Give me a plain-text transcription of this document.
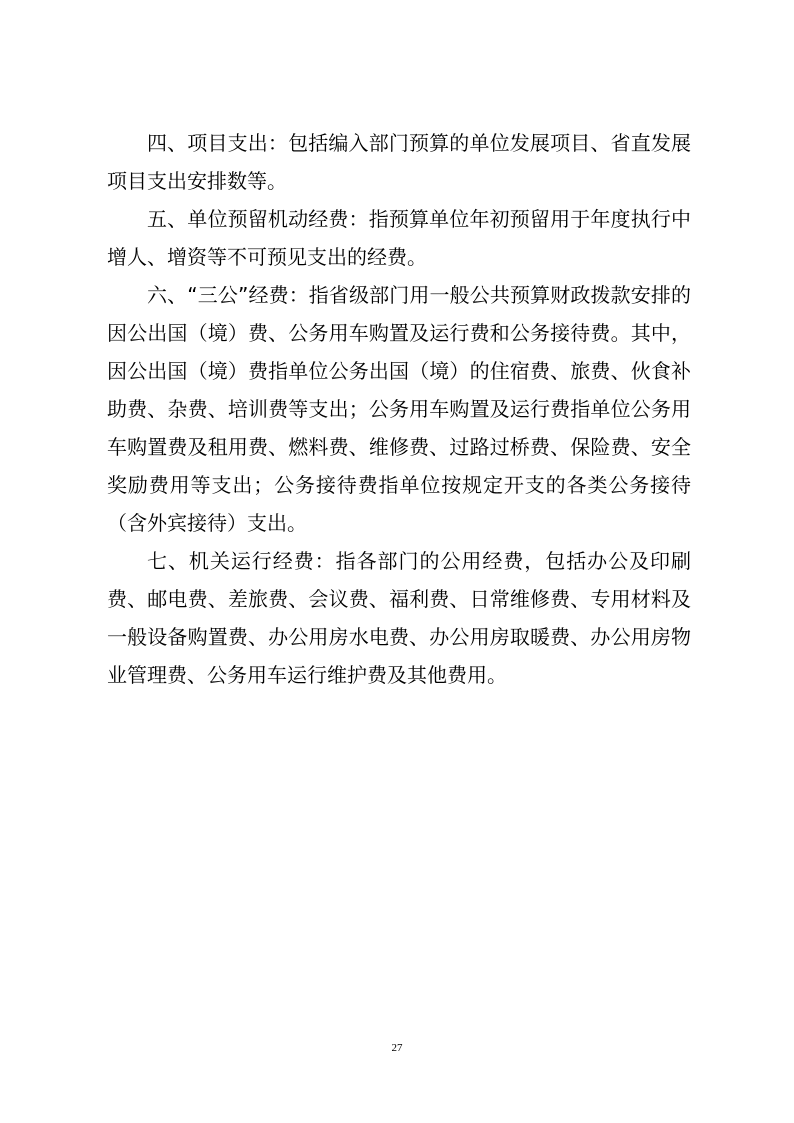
四、项目支出：包括编入部门预算的单位发展项目、省直发展项目支出安排数等。

五、单位预留机动经费：指预算单位年初预留用于年度执行中增人、增资等不可预见支出的经费。

六、“三公”经费：指省级部门用一般公共预算财政拨款安排的因公出国（境）费、公务用车购置及运行费和公务接待费。其中，因公出国（境）费指单位公务出国（境）的住宿费、旅费、伙食补助费、杂费、培训费等支出；公务用车购置及运行费指单位公务用车购置费及租用费、燃料费、维修费、过路过桥费、保险费、安全奖励费用等支出；公务接待费指单位按规定开支的各类公务接待（含外宾接待）支出。

七、机关运行经费：指各部门的公用经费，包括办公及印刷费、邮电费、差旅费、会议费、福利费、日常维修费、专用材料及一般设备购置费、办公用房水电费、办公用房取暖费、办公用房物业管理费、公务用车运行维护费及其他费用。

27
